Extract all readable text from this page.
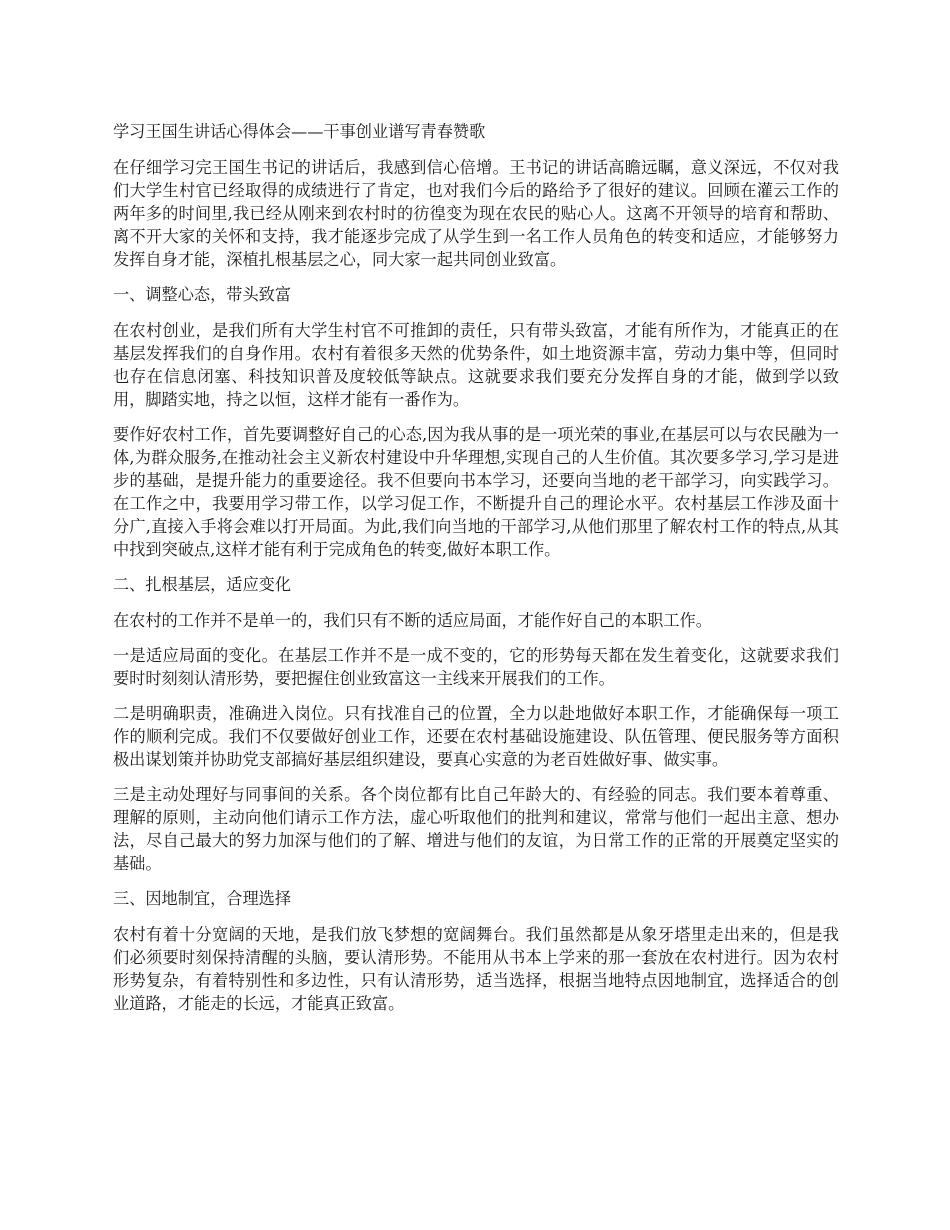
学习王国生讲话心得体会——干事创业谱写青春赞歌

在仔细学习完王国生书记的讲话后，我感到信心倍增。王书记的讲话高瞻远瞩，意义深远，不仅对我们大学生村官已经取得的成绩进行了肯定，也对我们今后的路给予了很好的建议。回顾在灌云工作的两年多的时间里,我已经从刚来到农村时的彷徨变为现在农民的贴心人。这离不开领导的培育和帮助、离不开大家的关怀和支持，我才能逐步完成了从学生到一名工作人员角色的转变和适应，才能够努力发挥自身才能，深植扎根基层之心，同大家一起共同创业致富。

一、调整心态，带头致富

在农村创业，是我们所有大学生村官不可推卸的责任，只有带头致富，才能有所作为，才能真正的在基层发挥我们的自身作用。农村有着很多天然的优势条件，如土地资源丰富，劳动力集中等，但同时也存在信息闭塞、科技知识普及度较低等缺点。这就要求我们要充分发挥自身的才能，做到学以致用，脚踏实地，持之以恒，这样才能有一番作为。

要作好农村工作，首先要调整好自己的心态,因为我从事的是一项光荣的事业,在基层可以与农民融为一体,为群众服务,在推动社会主义新农村建设中升华理想,实现自己的人生价值。其次要多学习,学习是进步的基础，是提升能力的重要途径。我不但要向书本学习，还要向当地的老干部学习，向实践学习。在工作之中，我要用学习带工作，以学习促工作，不断提升自己的理论水平。农村基层工作涉及面十分广,直接入手将会难以打开局面。为此,我们向当地的干部学习,从他们那里了解农村工作的特点,从其中找到突破点,这样才能有利于完成角色的转变,做好本职工作。

二、扎根基层，适应变化

在农村的工作并不是单一的，我们只有不断的适应局面，才能作好自己的本职工作。

一是适应局面的变化。在基层工作并不是一成不变的，它的形势每天都在发生着变化，这就要求我们要时时刻刻认清形势，要把握住创业致富这一主线来开展我们的工作。

二是明确职责，准确进入岗位。只有找准自己的位置，全力以赴地做好本职工作，才能确保每一项工作的顺利完成。我们不仅要做好创业工作，还要在农村基础设施建设、队伍管理、便民服务等方面积极出谋划策并协助党支部搞好基层组织建设，要真心实意的为老百姓做好事、做实事。

三是主动处理好与同事间的关系。各个岗位都有比自己年龄大的、有经验的同志。我们要本着尊重、理解的原则，主动向他们请示工作方法，虚心听取他们的批判和建议，常常与他们一起出主意、想办法，尽自己最大的努力加深与他们的了解、增进与他们的友谊，为日常工作的正常的开展奠定坚实的基础。

三、因地制宜，合理选择

农村有着十分宽阔的天地，是我们放飞梦想的宽阔舞台。我们虽然都是从象牙塔里走出来的，但是我们必须要时刻保持清醒的头脑，要认清形势。不能用从书本上学来的那一套放在农村进行。因为农村形势复杂，有着特别性和多边性，只有认清形势，适当选择，根据当地特点因地制宜，选择适合的创业道路，才能走的长远，才能真正致富。
